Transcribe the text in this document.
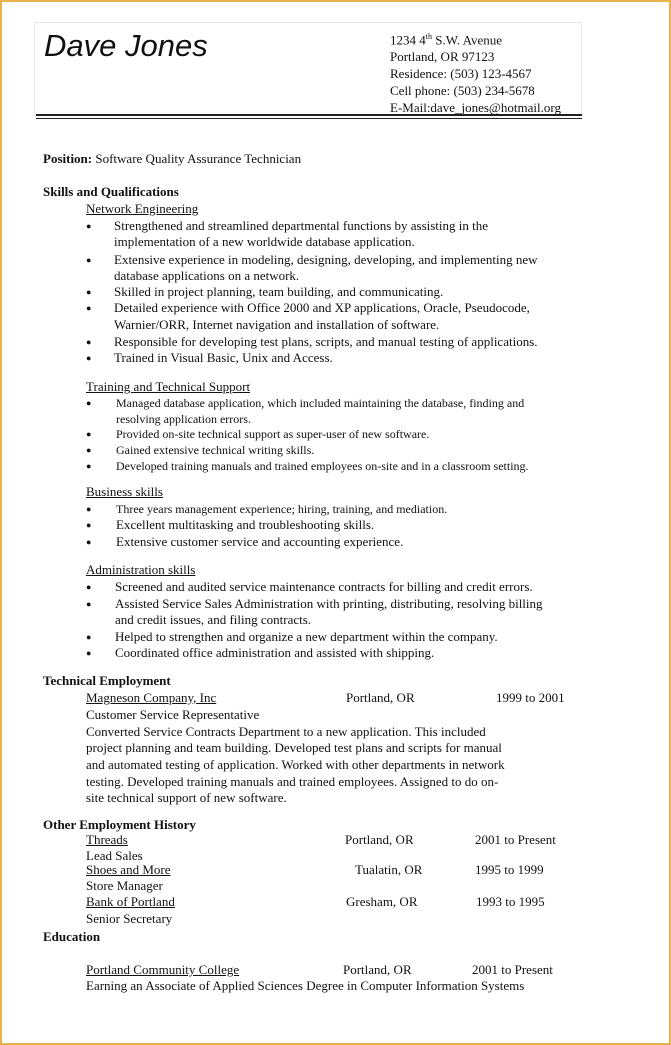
Dave Jones	1234 4th S.W. Avenue
Portland, OR 97123
Residence: (503) 123-4567
Cell phone: (503) 234-5678
E-Mail:dave_jones@hotmail.org
Position: Software Quality Assurance Technician
Skills and Qualifications
Network Engineering
● Strengthened and streamlined departmental functions by assisting in the
implementation of a new worldwide database application.
● Extensive experience in modeling, designing, developing, and implementing new
database applications on a network.
● Skilled in project planning, team building, and communicating.
● Detailed experience with Office 2000 and XP applications, Oracle, Pseudocode,
Warnier/ORR, Internet navigation and installation of software.
● Responsible for developing test plans, scripts, and manual testing of applications.
● Trained in Visual Basic, Unix and Access.
Training and Technical Support
● Managed database application, which included maintaining the database, finding and
resolving application errors.
● Provided on-site technical support as super-user of new software.
● Gained extensive technical writing skills.
● Developed training manuals and trained employees on-site and in a classroom setting.
Business skills
● Three years management experience; hiring, training, and mediation.
● Excellent multitasking and troubleshooting skills.
● Extensive customer service and accounting experience.
Administration skills
● Screened and audited service maintenance contracts for billing and credit errors.
● Assisted Service Sales Administration with printing, distributing, resolving billing
and credit issues, and filing contracts.
● Helped to strengthen and organize a new department within the company.
● Coordinated office administration and assisted with shipping.
Technical Employment
Magneson Company, Inc	Portland, OR	1999 to 2001
Customer Service Representative
Converted Service Contracts Department to a new application. This included
project planning and team building. Developed test plans and scripts for manual
and automated testing of application. Worked with other departments in network
testing. Developed training manuals and trained employees. Assigned to do on-
site technical support of new software.
Other Employment History
Threads	Portland, OR	2001 to Present
Lead Sales
Shoes and More	Tualatin, OR	1995 to 1999
Store Manager
Bank of Portland	Gresham, OR	1993 to 1995
Senior Secretary
Education
Portland Community College	Portland, OR	2001 to Present
Earning an Associate of Applied Sciences Degree in Computer Information Systems
